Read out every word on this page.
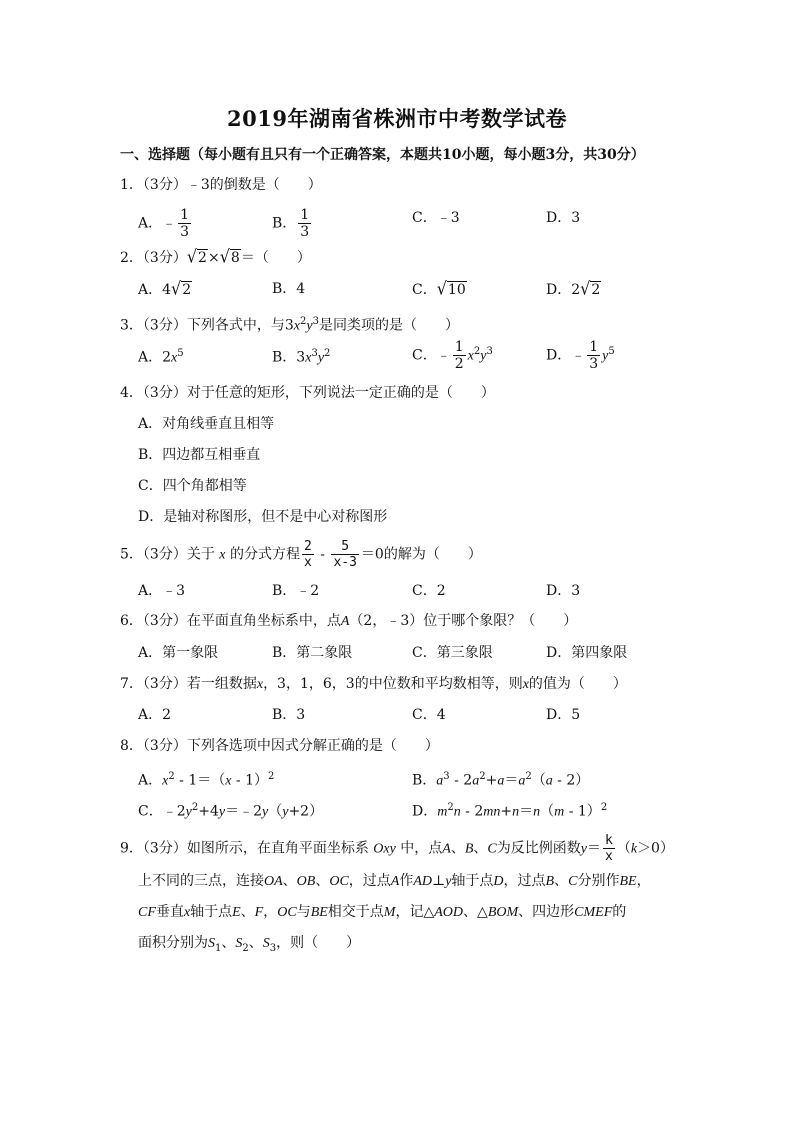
2019年湖南省株洲市中考数学试卷
一、选择题（每小题有且只有一个正确答案，本题共10小题，每小题3分，共30分）
1．（3分）﹣3的倒数是（　　）
A．﹣ $\frac{1}{3}$	B． $\frac{1}{3}$	C．﹣3	D．3
2．（3分）√2×√8＝（　　）
A．4√2	B．4	C．√10	D．2√2
3．（3分）下列各式中，与$3x^2y^3$是同类项的是（　　）
A．$2x^5$	B．$3x^3y^2$	C．﹣ $\frac{1}{2} x^2y^3$	D．﹣ $\frac{1}{3} y^5$
4．（3分）对于任意的矩形，下列说法一定正确的是（　　）
A．对角线垂直且相等
B．四边都互相垂直
C．四个角都相等
D．是轴对称图形，但不是中心对称图形
5．（3分）关于 x 的分式方程 $\frac{2}{x} - \frac{5}{x-3} =0$的解为（　　）
A．﹣3	B．﹣2	C．2	D．3
6．（3分）在平面直角坐标系中，点A（2，﹣3）位于哪个象限？（　　）
A．第一象限	B．第二象限	C．第三象限	D．第四象限
7．（3分）若一组数据x，3，1，6，3的中位数和平均数相等，则x的值为（　　）
A．2	B．3	C．4	D．5
8．（3分）下列各选项中因式分解正确的是（　　）
A．$x^2 - 1=(x - 1)^2$	B．$a^3 - 2a^2+a=a^2(a - 2)$
C．$﹣2y^2+4y=﹣2y(y+2)$	D．$m^2n - 2mn+n=n(m - 1)^2$
9．（3分）如图所示，在直角平面坐标系 Oxy 中，点A、B、C为反比例函数$y= \frac{k}{x} (k>0)$
上不同的三点，连接OA、OB、OC，过点A作AD⊥y轴于点D，过点B、C分别作BE，
CF垂直x轴于点E、F，OC与BE相交于点M，记△AOD、△BOM、四边形CMEF的
面积分别为$S_1$、$S_2$、$S_3$，则（　　）
